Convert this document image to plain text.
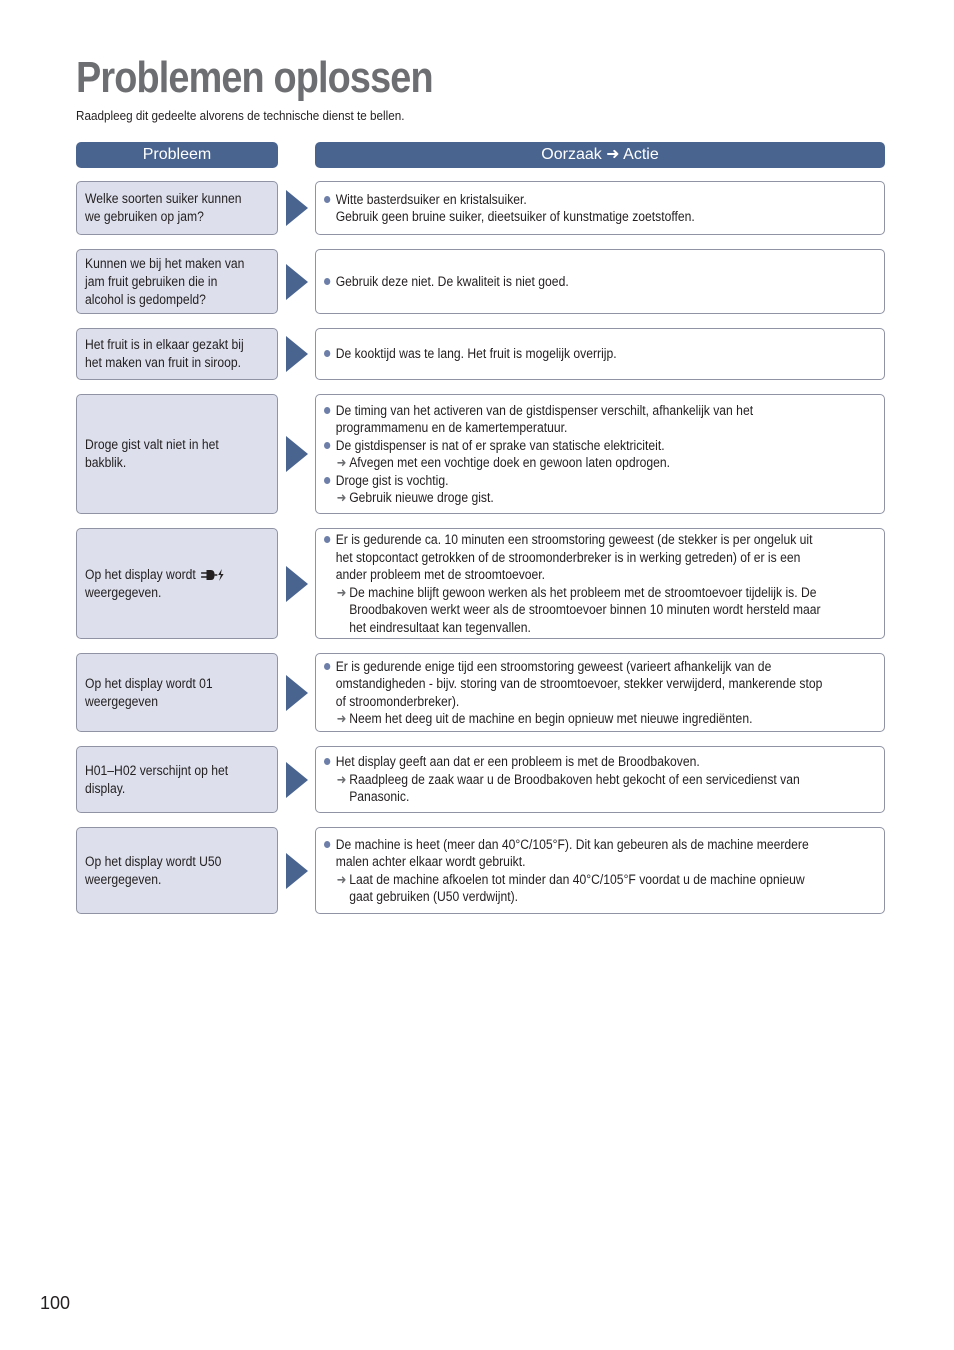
Problemen oplossen
Raadpleeg dit gedeelte alvorens de technische dienst te bellen.
Probleem	Oorzaak ➜ Actie
Welke soorten suiker kunnen we gebruiken op jam?
Witte basterdsuiker en kristalsuiker.
Gebruik geen bruine suiker, dieetsuiker of kunstmatige zoetstoffen.
Kunnen we bij het maken van jam fruit gebruiken die in alcohol is gedompeld?
Gebruik deze niet. De kwaliteit is niet goed.
Het fruit is in elkaar gezakt bij het maken van fruit in siroop.
De kooktijd was te lang. Het fruit is mogelijk overrijp.
Droge gist valt niet in het bakblik.
De timing van het activeren van de gistdispenser verschilt, afhankelijk van het programmamenu en de kamertemperatuur.
De gistdispenser is nat of er sprake van statische elektriciteit.
➜ Afvegen met een vochtige doek en gewoon laten opdrogen.
Droge gist is vochtig.
➜ Gebruik nieuwe droge gist.
Op het display wordt  weergegeven.
Er is gedurende ca. 10 minuten een stroomstoring geweest (de stekker is per ongeluk uit het stopcontact getrokken of de stroomonderbreker is in werking getreden) of er is een ander probleem met de stroomtoevoer.
➜ De machine blijft gewoon werken als het probleem met de stroomtoevoer tijdelijk is. De Broodbakoven werkt weer als de stroomtoevoer binnen 10 minuten wordt hersteld maar het eindresultaat kan tegenvallen.
Op het display wordt 01 weergegeven
Er is gedurende enige tijd een stroomstoring geweest (varieert afhankelijk van de omstandigheden - bijv. storing van de stroomtoevoer, stekker verwijderd, mankerende stop of stroomonderbreker).
➜ Neem het deeg uit de machine en begin opnieuw met nieuwe ingrediënten.
H01–H02 verschijnt op het display.
Het display geeft aan dat er een probleem is met de Broodbakoven.
➜ Raadpleeg de zaak waar u de Broodbakoven hebt gekocht of een servicedienst van Panasonic.
Op het display wordt U50 weergegeven.
De machine is heet (meer dan 40°C/105°F). Dit kan gebeuren als de machine meerdere malen achter elkaar wordt gebruikt.
➜ Laat de machine afkoelen tot minder dan 40°C/105°F voordat u de machine opnieuw gaat gebruiken (U50 verdwijnt).
100
